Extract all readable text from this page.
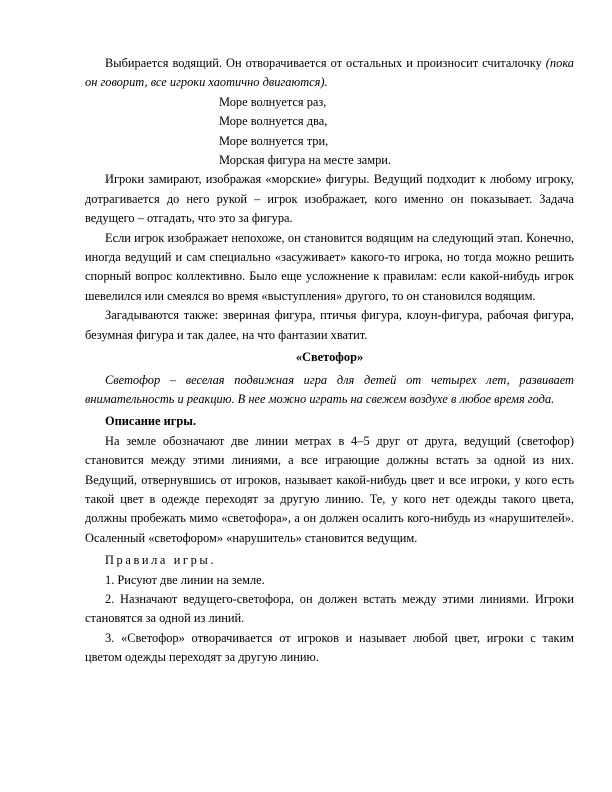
Выбирается водящий. Он отворачивается от остальных и произносит считалочку (пока он говорит, все игроки хаотично двигаются).

Море волнуется раз,
Море волнуется два,
Море волнуется три,
Морская фигура на месте замри.

Игроки замирают, изображая «морские» фигуры. Ведущий подходит к любому игроку, дотрагивается до него рукой – игрок изображает, кого именно он показывает. Задача ведущего – отгадать, что это за фигура.

Если игрок изображает непохоже, он становится водящим на следующий этап. Конечно, иногда ведущий и сам специально «засуживает» какого-то игрока, но тогда можно решить спорный вопрос коллективно. Было еще усложнение к правилам: если какой-нибудь игрок шевелился или смеялся во время «выступления» другого, то он становился водящим.

Загадываются также: звериная фигура, птичья фигура, клоун-фигура, рабочая фигура, безумная фигура и так далее, на что фантазии хватит.

«Светофор»

Светофор – веселая подвижная игра для детей от четырех лет, развивает внимательность и реакцию. В нее можно играть на свежем воздухе в любое время года.

Описание игры.

На земле обозначают две линии метрах в 4–5 друг от друга, ведущий (светофор) становится между этими линиями, а все играющие должны встать за одной из них. Ведущий, отвернувшись от игроков, называет какой-нибудь цвет и все игроки, у кого есть такой цвет в одежде переходят за другую линию. Те, у кого нет одежды такого цвета, должны пробежать мимо «светофора», а он должен осалить кого-нибудь из «нарушителей». Осаленный «светофором» «нарушитель» становится ведущим.

Правила игры.

1. Рисуют две линии на земле.

2. Назначают ведущего-светофора, он должен встать между этими линиями. Игроки становятся за одной из линий.

3. «Светофор» отворачивается от игроков и называет любой цвет, игроки с таким цветом одежды переходят за другую линию.
